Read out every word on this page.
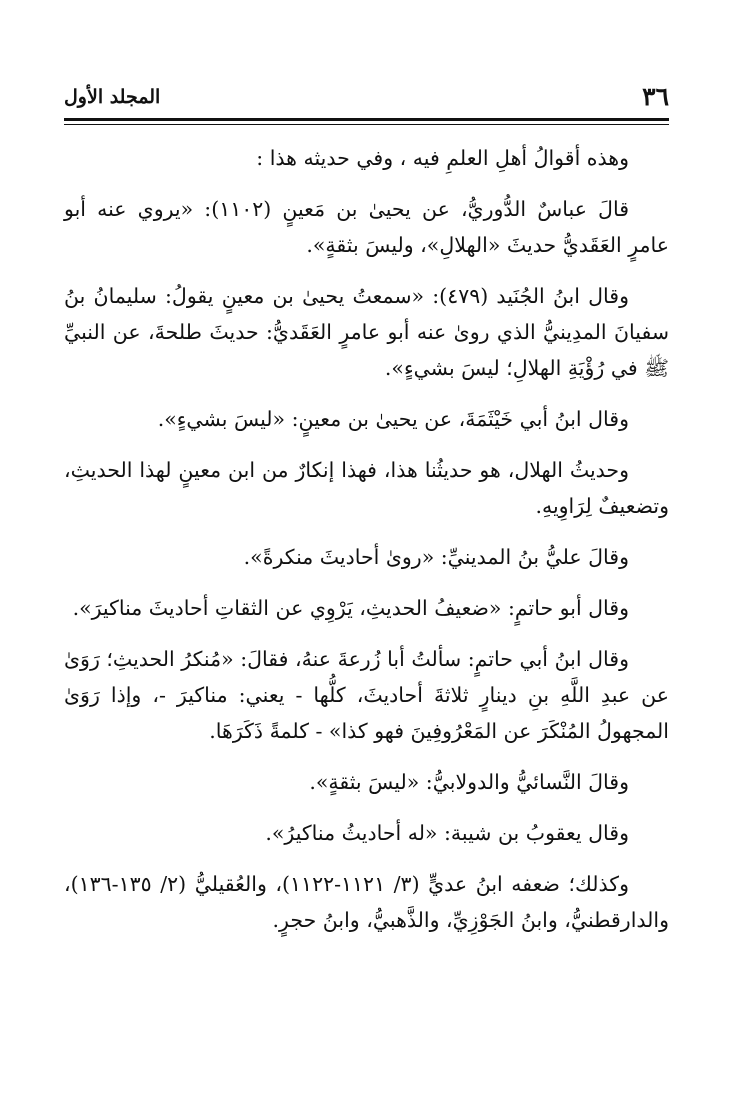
٣٦
المجلد الأول

وهذه أقوالُ أهلِ العلمِ فيه ، وفي حديثه هذا :

قالَ عباسٌ الدُّوريُّ، عن يحيىٰ بن مَعينٍ (١١٠٢): «يروي عنه أبو عامرٍ العَقَديُّ حديثَ «الهلالِ»، وليسَ بثقةٍ».

وقال ابنُ الجُنَيد (٤٧٩): «سمعتُ يحيىٰ بن معينٍ يقولُ: سليمانُ بنُ سفيانَ المدِينيُّ الذي روىٰ عنه أبو عامرٍ العَقَديُّ: حديثَ طلحةَ، عن النبيِّ ﷺ في رُؤْيَةِ الهلالِ؛ ليسَ بشيءٍ».

وقال ابنُ أبي خَيْثَمَةَ، عن يحيىٰ بن معينٍ: «ليسَ بشيءٍ».

وحديثُ الهلال، هو حديثُنا هذا، فهذا إنكارٌ من ابن معينٍ لهذا الحديثِ، وتضعيفٌ لِرَاوِيهِ.

وقالَ عليُّ بنُ المدينيِّ: «روىٰ أحاديثَ منكرةً».

وقال أبو حاتمٍ: «ضعيفُ الحديثِ، يَرْوِي عن الثقاتِ أحاديثَ مناكيرَ».

وقال ابنُ أبي حاتمٍ: سألتُ أبا زُرعةَ عنهُ، فقالَ: «مُنكرُ الحديثِ؛ رَوَىٰ عن عبدِ اللَّهِ بنِ دينارٍ ثلاثةَ أحاديثَ، كلُّها - يعني: مناكيرَ -، وإذا رَوَىٰ المجهولُ المُنْكَرَ عن المَعْرُوفِينَ فهو كذا» - كلمةً ذَكَرَهَا.

وقالَ النَّسائيُّ والدولابيُّ: «ليسَ بثقةٍ».

وقال يعقوبُ بن شيبة: «له أحاديثُ مناكيرُ».

وكذلك؛ ضعفه ابنُ عديٍّ (٣/ ١١٢١-١١٢٢)، والعُقيليُّ (٢/ ١٣٥-١٣٦)، والدارقطنيُّ، وابنُ الجَوْزِيِّ، والذَّهبيُّ، وابنُ حجرٍ.
